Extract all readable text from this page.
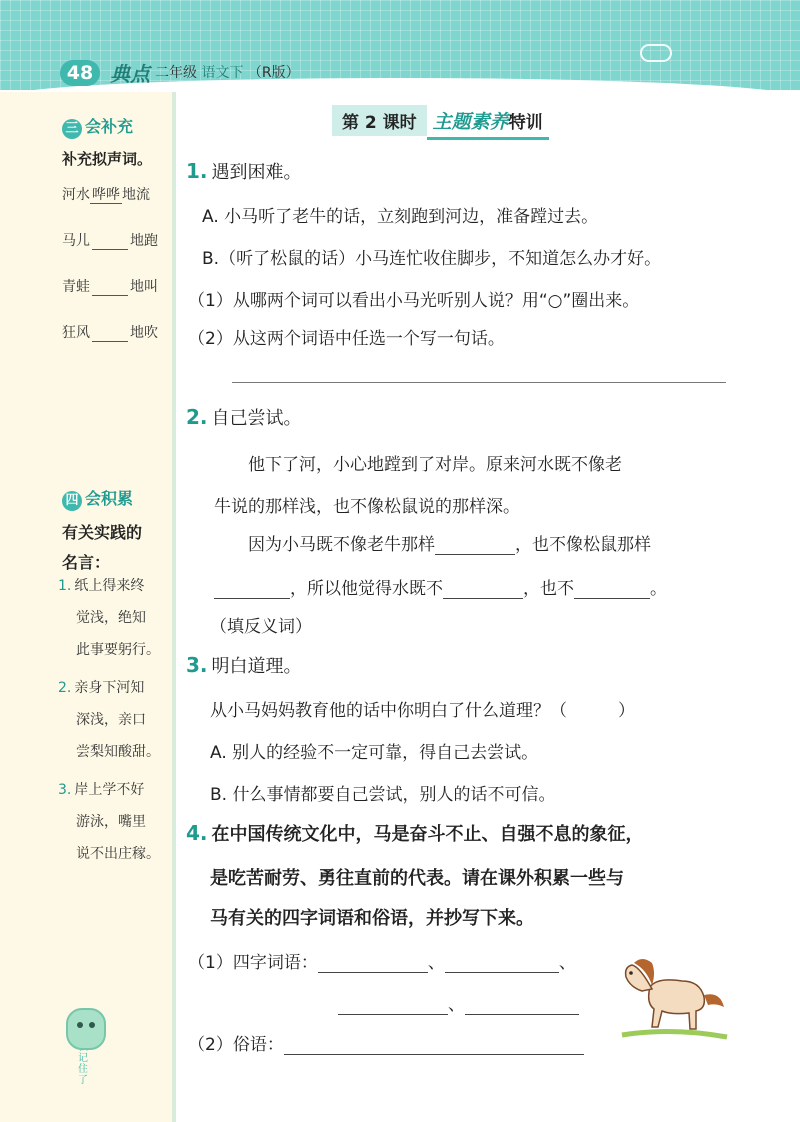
48 典点 二年级 语文下 （R版）
三 会补充
补充拟声词。
河水 哗哗 地流
马儿	地跑
青蛙	地叫
狂风	地吹
四 会积累
有关实践的
名言：
1. 纸上得来终
觉浅，绝知
此事要躬行。
2. 亲身下河知
深浅，亲口
尝梨知酸甜。
3. 岸上学不好
游泳，嘴里
说不出庄稼。
记住了
第 2 课时 主题素养特训
1. 遇到困难。
A. 小马听了老牛的话，立刻跑到河边，准备蹚过去。
B.（听了松鼠的话）小马连忙收住脚步，不知道怎么办才好。
（1）从哪两个词可以看出小马光听别人说？用“○”圈出来。
（2）从这两个词语中任选一个写一句话。
2. 自己尝试。
他下了河，小心地蹚到了对岸。原来河水既不像老
牛说的那样浅，也不像松鼠说的那样深。
因为小马既不像老牛那样	，也不像松鼠那样
，所以他觉得水既不	，也不	。
（填反义词）
3. 明白道理。
从小马妈妈教育他的话中你明白了什么道理？（　　　）
A. 别人的经验不一定可靠，得自己去尝试。
B. 什么事情都要自己尝试，别人的话不可信。
4. 在中国传统文化中，马是奋斗不止、自强不息的象征，
是吃苦耐劳、勇往直前的代表。请在课外积累一些与
马有关的四字词语和俗语，并抄写下来。
（1）四字词语：	、	、
、
（2）俗语：
